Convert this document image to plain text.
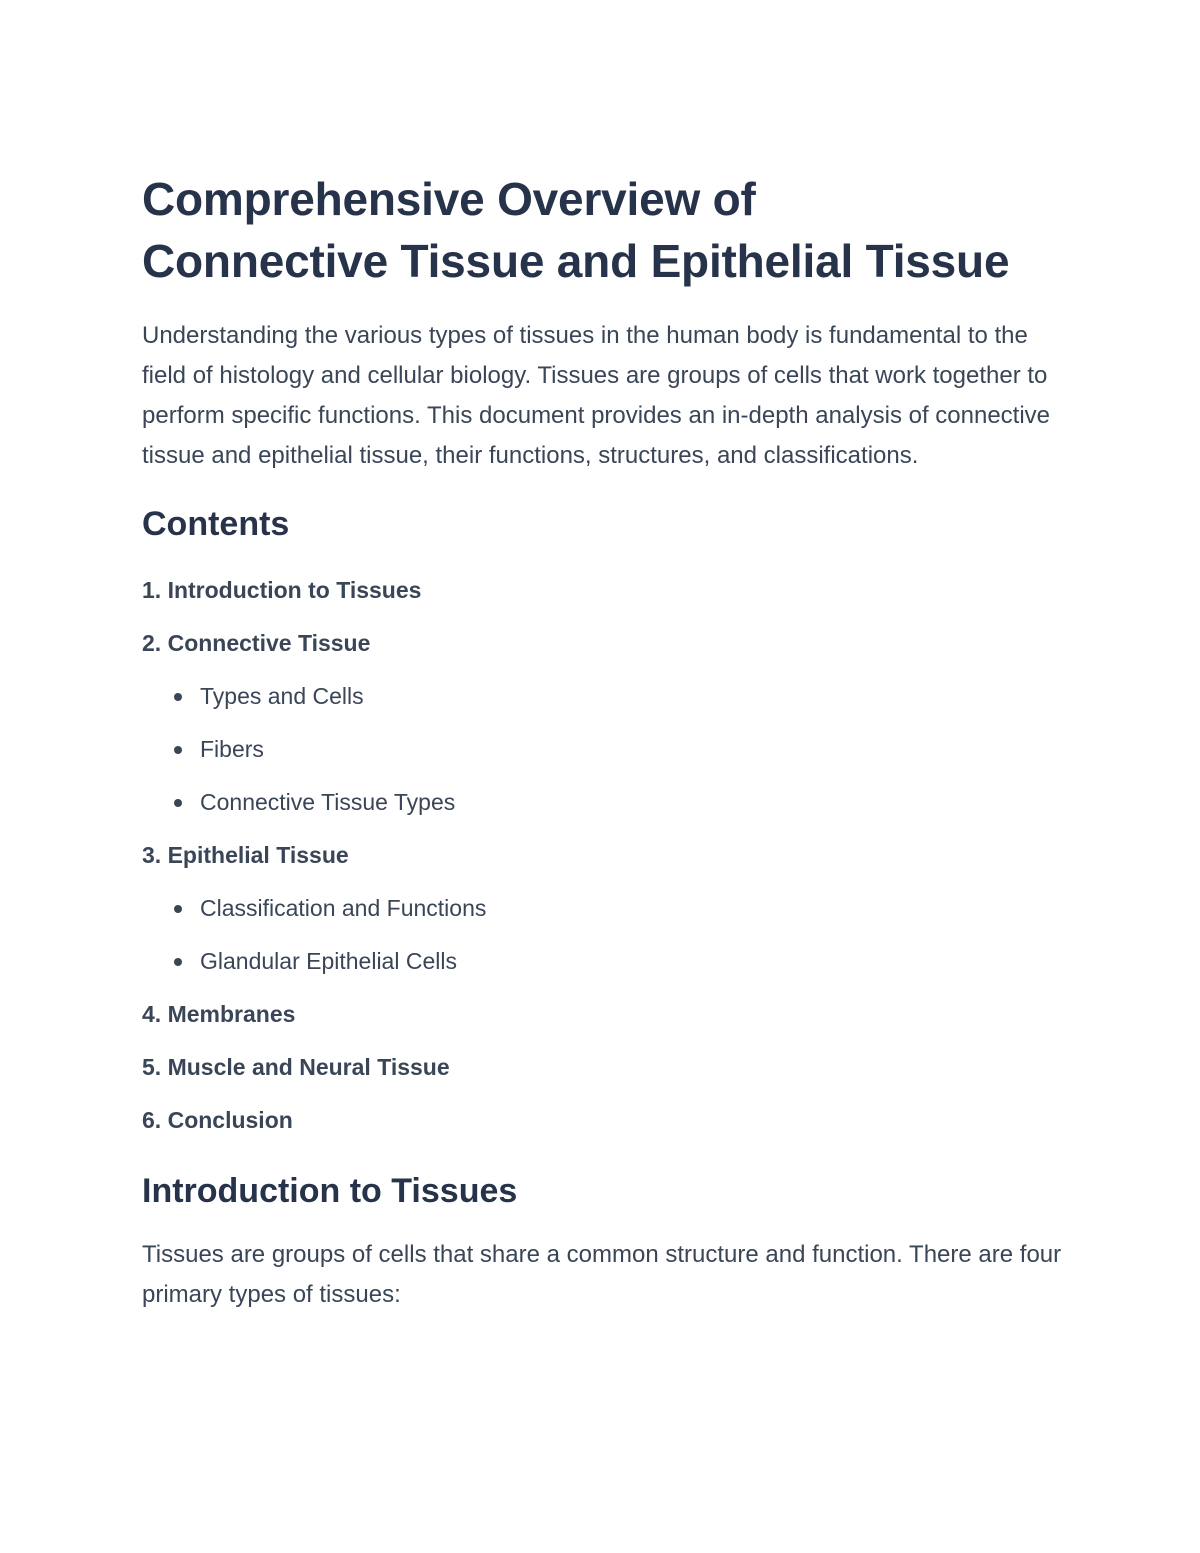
Comprehensive Overview of
Connective Tissue and Epithelial Tissue

Understanding the various types of tissues in the human body is fundamental to the field of histology and cellular biology. Tissues are groups of cells that work together to perform specific functions. This document provides an in-depth analysis of connective tissue and epithelial tissue, their functions, structures, and classifications.

Contents
1. Introduction to Tissues
2. Connective Tissue
Types and Cells
Fibers
Connective Tissue Types
3. Epithelial Tissue
Classification and Functions
Glandular Epithelial Cells
4. Membranes
5. Muscle and Neural Tissue
6. Conclusion
Introduction to Tissues

Tissues are groups of cells that share a common structure and function. There are four primary types of tissues:
